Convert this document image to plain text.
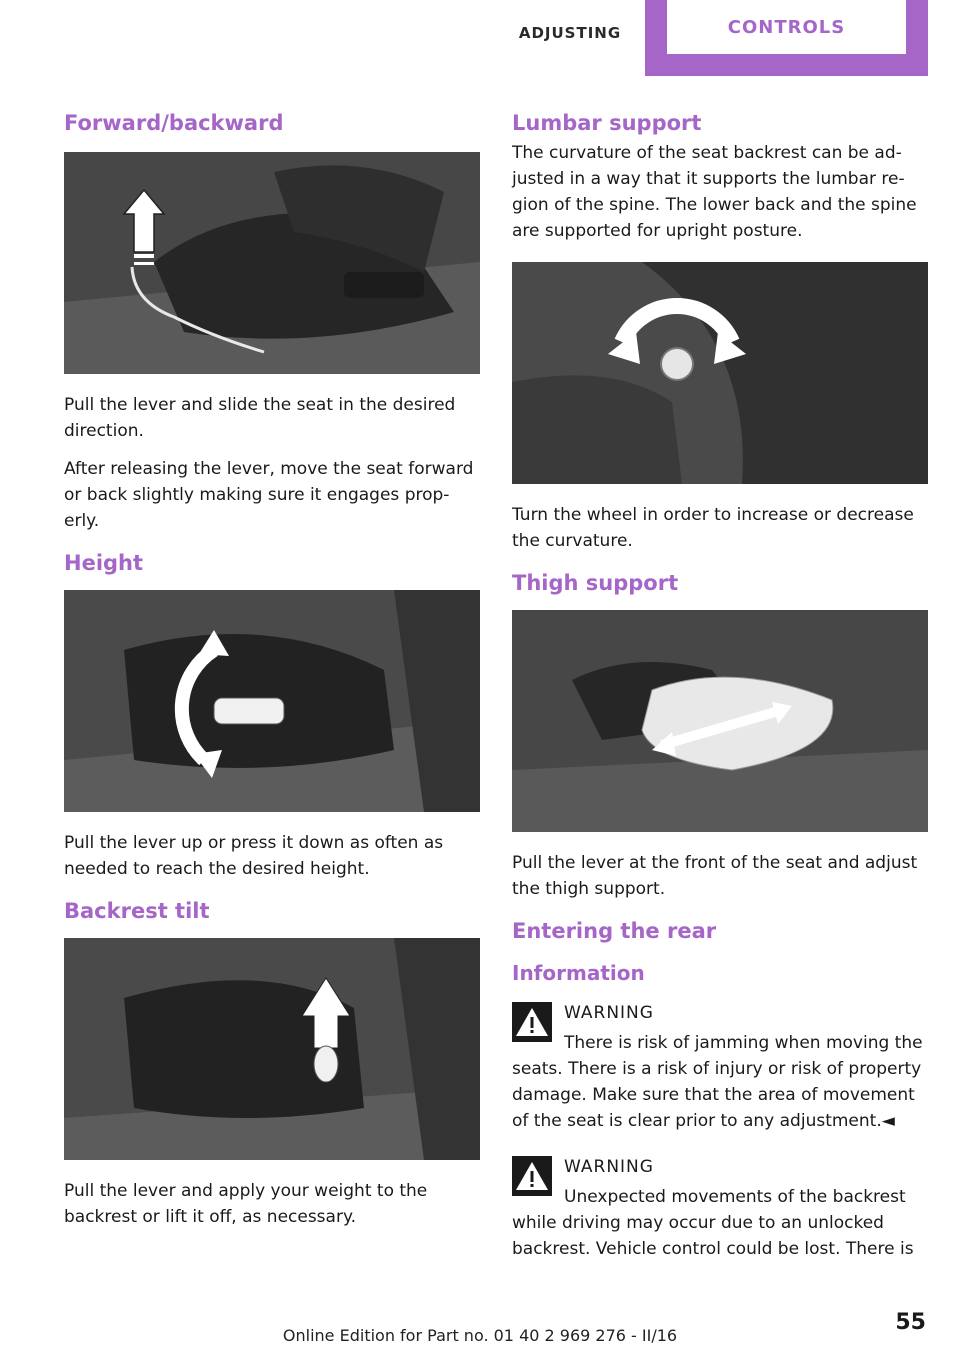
ADJUSTING	CONTROLS
Forward/backward

Pull the lever and slide the seat in the desired direction.

After releasing the lever, move the seat forward or back slightly making sure it engages prop-erly.

Height

Pull the lever up or press it down as often as needed to reach the desired height.

Backrest tilt

Pull the lever and apply your weight to the backrest or lift it off, as necessary.

Lumbar support

The curvature of the seat backrest can be ad-justed in a way that it supports the lumbar re-gion of the spine. The lower back and the spine are supported for upright posture.

Turn the wheel in order to increase or decrease the curvature.

Thigh support

Pull the lever at the front of the seat and adjust the thigh support.

Entering the rear
Information
WARNING

There is risk of jamming when moving the seats. There is a risk of injury or risk of property damage. Make sure that the area of movement of the seat is clear prior to any adjustment.◄

WARNING

Unexpected movements of the backrest while driving may occur due to an unlocked backrest. Vehicle control could be lost. There is

55
Online Edition for Part no. 01 40 2 969 276 - II/16
